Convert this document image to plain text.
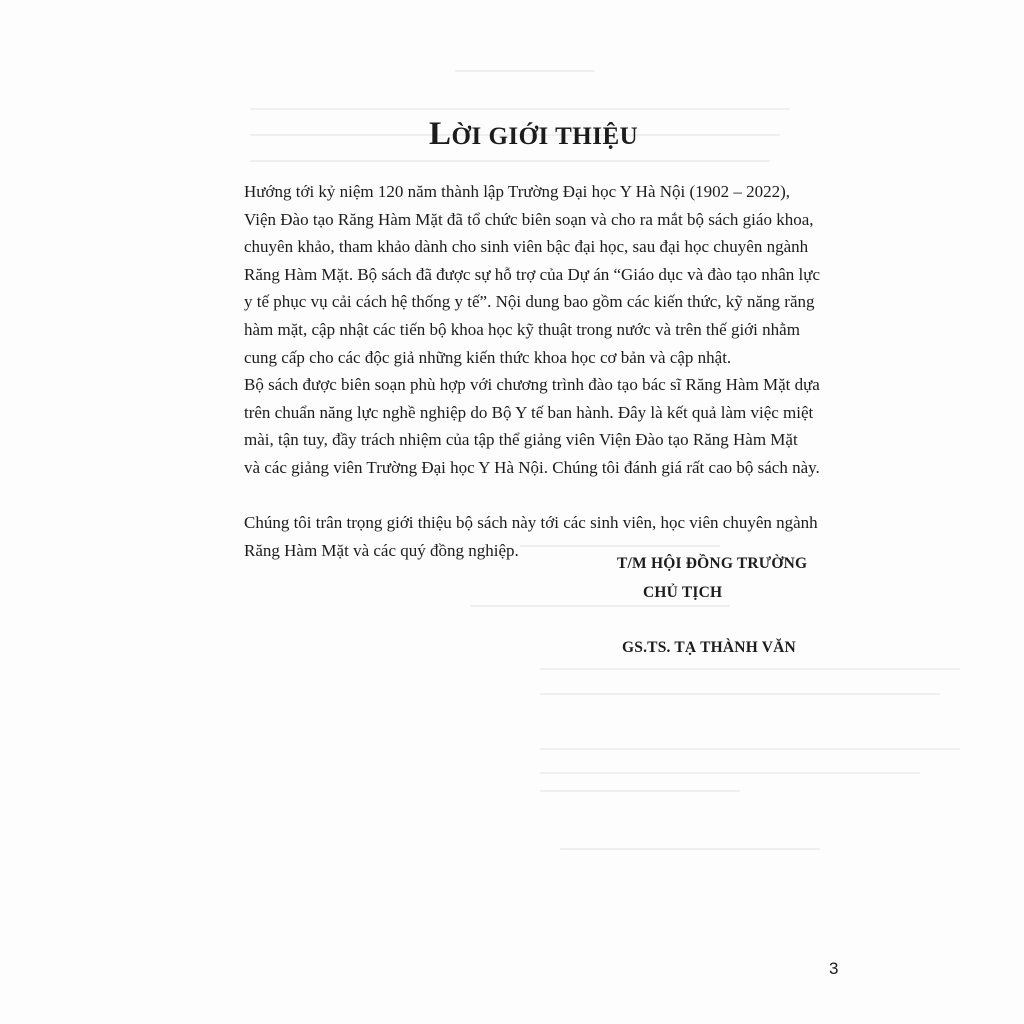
LỜI GIỚI THIỆU
Hướng tới kỷ niệm 120 năm thành lập Trường Đại học Y Hà Nội (1902 – 2022),
Viện Đào tạo Răng Hàm Mặt đã tổ chức biên soạn và cho ra mắt bộ sách giáo khoa,
chuyên khảo, tham khảo dành cho sinh viên bậc đại học, sau đại học chuyên ngành
Răng Hàm Mặt. Bộ sách đã được sự hỗ trợ của Dự án “Giáo dục và đào tạo nhân lực
y tế phục vụ cải cách hệ thống y tế”. Nội dung bao gồm các kiến thức, kỹ năng răng
hàm mặt, cập nhật các tiến bộ khoa học kỹ thuật trong nước và trên thế giới nhằm
cung cấp cho các độc giả những kiến thức khoa học cơ bản và cập nhật.
Bộ sách được biên soạn phù hợp với chương trình đào tạo bác sĩ Răng Hàm Mặt dựa
trên chuẩn năng lực nghề nghiệp do Bộ Y tế ban hành. Đây là kết quả làm việc miệt
mài, tận tuy, đầy trách nhiệm của tập thể giảng viên Viện Đào tạo Răng Hàm Mặt
và các giảng viên Trường Đại học Y Hà Nội. Chúng tôi đánh giá rất cao bộ sách này.
Chúng tôi trân trọng giới thiệu bộ sách này tới các sinh viên, học viên chuyên ngành
Răng Hàm Mặt và các quý đồng nghiệp.
T/M HỘI ĐỒNG TRƯỜNG
CHỦ TỊCH
GS.TS. TẠ THÀNH VĂN
3
